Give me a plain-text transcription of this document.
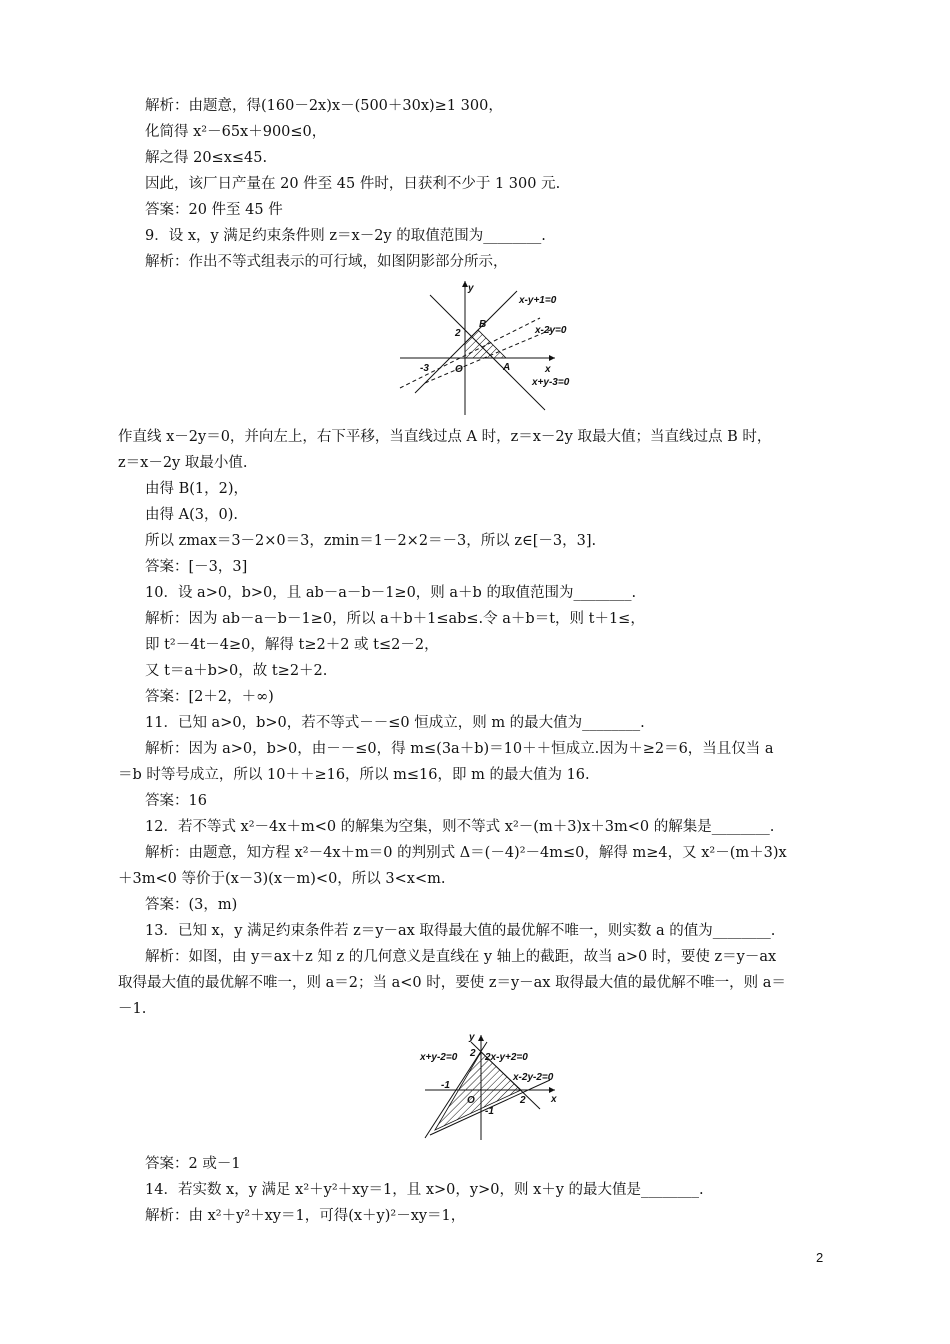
解析：由题意，得(160－2x)x－(500＋30x)≥1 300，
化简得 x²－65x＋900≤0，
解之得 20≤x≤45.
因此，该厂日产量在 20 件至 45 件时，日获利不少于 1 300 元.
答案：20 件至 45 件
9．设 x，y 满足约束条件则 z＝x－2y 的取值范围为________.
解析：作出不等式组表示的可行域，如图阴影部分所示，
y
x
O
2
-3
B
A
x-y+1=0
x-2y=0
x+y-3=0
作直线 x－2y＝0，并向左上，右下平移，当直线过点 A 时，z＝x－2y 取最大值；当直线过点 B 时，
z＝x－2y 取最小值.
由得 B(1，2)，
由得 A(3，0).
所以 zmax＝3－2×0＝3，zmin＝1－2×2＝－3，所以 z∈[－3，3].
答案：[－3，3]
10．设 a>0，b>0，且 ab－a－b－1≥0，则 a＋b 的取值范围为________.
解析：因为 ab－a－b－1≥0，所以 a＋b＋1≤ab≤.令 a＋b＝t，则 t＋1≤，
即 t²－4t－4≥0，解得 t≥2＋2 或 t≤2－2，
又 t＝a＋b>0，故 t≥2＋2.
答案：[2＋2，＋∞)
11．已知 a>0，b>0，若不等式－－≤0 恒成立，则 m 的最大值为________.
解析：因为 a>0，b>0，由－－≤0，得 m≤(3a＋b)＝10＋＋恒成立.因为＋≥2＝6，当且仅当 a
＝b 时等号成立，所以 10＋＋≥16，所以 m≤16，即 m 的最大值为 16.
答案：16
12．若不等式 x²－4x＋m<0 的解集为空集，则不等式 x²－(m＋3)x＋3m<0 的解集是________.
解析：由题意，知方程 x²－4x＋m＝0 的判别式 Δ＝(－4)²－4m≤0，解得 m≥4，又 x²－(m＋3)x
＋3m<0 等价于(x－3)(x－m)<0，所以 3<x<m.
答案：(3，m)
13．已知 x，y 满足约束条件若 z＝y－ax 取得最大值的最优解不唯一，则实数 a 的值为________.
解析：如图，由 y＝ax＋z 知 z 的几何意义是直线在 y 轴上的截距，故当 a>0 时，要使 z＝y－ax
取得最大值的最优解不唯一，则 a＝2；当 a<0 时，要使 z＝y－ax 取得最大值的最优解不唯一，则 a＝
－1.
y
x
O
2
-1
2
-1
x+y-2=0	2x-y+2=0
x-2y-2=0
答案：2 或－1
14．若实数 x，y 满足 x²＋y²＋xy＝1，且 x>0，y>0，则 x＋y 的最大值是________.
解析：由 x²＋y²＋xy＝1，可得(x＋y)²－xy＝1，
2
